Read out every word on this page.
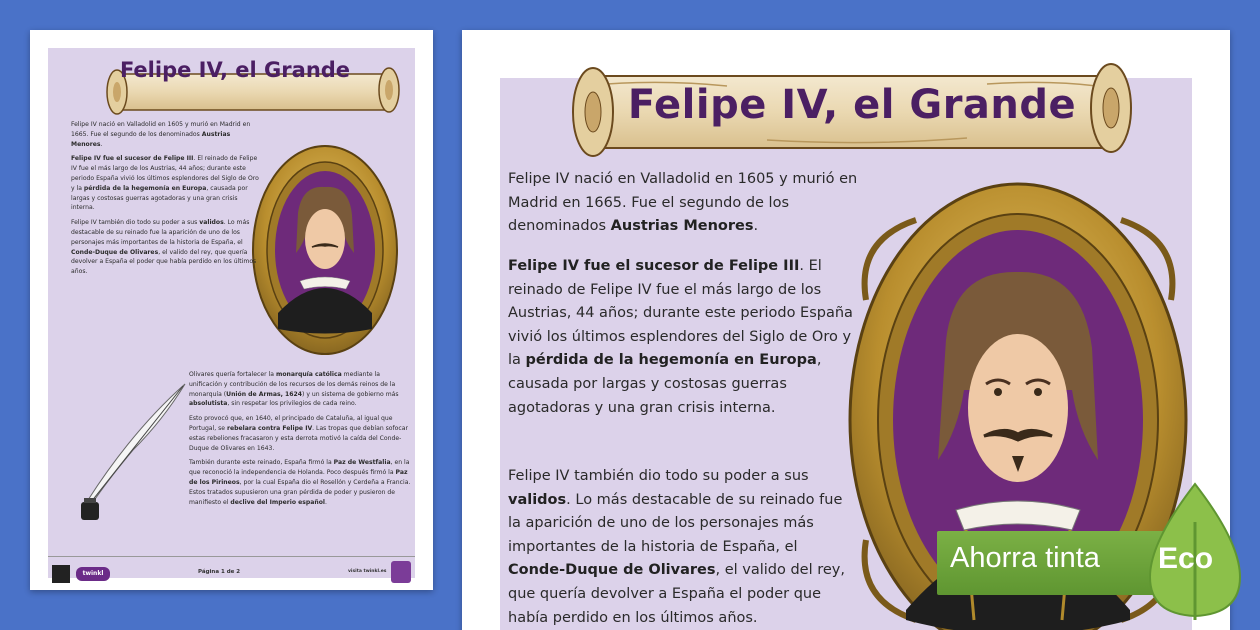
Felipe IV nació en Valladolid en 1605 y murió en Madrid en 1665. Fue el segundo de los denominados Austrias Menores.

Felipe IV fue el sucesor de Felipe III. El reinado de Felipe IV fue el más largo de los Austrias, 44 años; durante este periodo España vivió los últimos esplendores del Siglo de Oro y la pérdida de la hegemonía en Europa, causada por largas y costosas guerras agotadoras y una gran crisis interna.

Felipe IV también dio todo su poder a sus validos. Lo más destacable de su reinado fue la aparición de uno de los personajes más importantes de la historia de España, el Conde-Duque de Olivares, el valido del rey, que quería devolver a España el poder que había perdido en los últimos años.

Olivares quería fortalecer la monarquía católica mediante la unificación y contribución de los recursos de los demás reinos de la monarquía (Unión de Armas, 1624) y un sistema de gobierno más absolutista, sin respetar los privilegios de cada reino.

Esto provocó que, en 1640, el principado de Cataluña, al igual que Portugal, se rebelara contra Felipe IV. Las tropas que debían sofocar estas rebeliones fracasaron y esta derrota motivó la caída del Conde-Duque de Olivares en 1643.

También durante este reinado, España firmó la Paz de Westfalia, en la que reconoció la independencia de Holanda. Poco después firmó la Paz de los Pirineos, por la cual España dio el Rosellón y Cerdeña a Francia. Estos tratados supusieron una gran pérdida de poder y pusieron de manifiesto el declive del Imperio español.

Felipe IV, el Grande
twinkl	Página 1 de 2	visita twinkl.es
Felipe IV, el Grande
Felipe IV nació en Valladolid en 1605 y murió en Madrid en 1665. Fue el segundo de los denominados Austrias Menores.
Felipe IV fue el sucesor de Felipe III. El reinado de Felipe IV fue el más largo de los Austrias, 44 años; durante este periodo España vivió los últimos esplendores del Siglo de Oro y la pérdida de la hegemonía en Europa, causada por largas y costosas guerras agotadoras y una gran crisis interna.
Felipe IV también dio todo su poder a sus validos. Lo más destacable de su reinado fue la aparición de uno de los personajes más importantes de la historia de España, el Conde-Duque de Olivares, el valido del rey, que quería devolver a España el poder que había perdido en los últimos años.
Ahorra tinta Eco
